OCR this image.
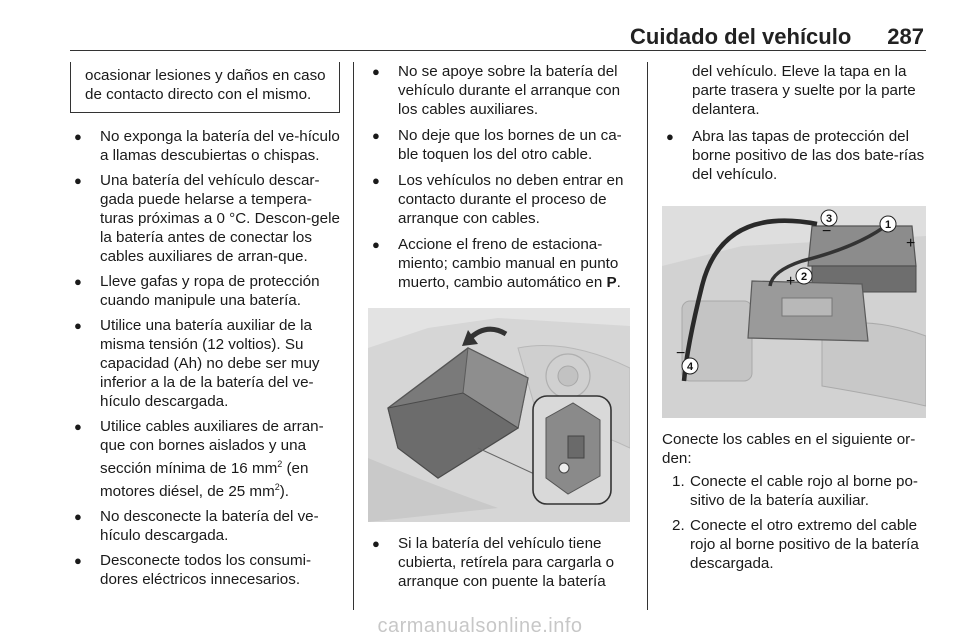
Cuidado del vehículo 287
ocasionar lesiones y daños en caso de contacto directo con el mismo.
● No exponga la batería del ve-hículo a llamas descubiertas o chispas.
● Una batería del vehículo descar-gada puede helarse a tempera-turas próximas a 0 °C. Descon-gele la batería antes de conectar los cables auxiliares de arran-que.
● Lleve gafas y ropa de protección cuando manipule una batería.
● Utilice una batería auxiliar de la misma tensión (12 voltios). Su capacidad (Ah) no debe ser muy inferior a la de la batería del ve-hículo descargada.
● Utilice cables auxiliares de arran-que con bornes aislados y una sección mínima de 16 $mm^2$ (en motores diésel, de 25 $mm^2$).
● No desconecte la batería del ve-hículo descargada.
● Desconecte todos los consumi-dores eléctricos innecesarios.
● No se apoye sobre la batería del vehículo durante el arranque con los cables auxiliares.
● No deje que los bornes de un ca-ble toquen los del otro cable.
● Los vehículos no deben entrar en contacto durante el proceso de arranque con cables.
● Accione el freno de estaciona-miento; cambio manual en punto muerto, cambio automático en P.
● Si la batería del vehículo tiene cubierta, retírela para cargarla o arranque con puente la batería
del vehículo. Eleve la tapa en la parte trasera y suelte por la parte delantera.
● Abra las tapas de protección del borne positivo de las dos bate-rías del vehículo.
1
2
3
4
+
+
−
−

Conecte los cables en el siguiente or-den:

1. Conecte el cable rojo al borne po-sitivo de la batería auxiliar.
2. Conecte el otro extremo del cable rojo al borne positivo de la batería descargada.
carmanualsonline.info
